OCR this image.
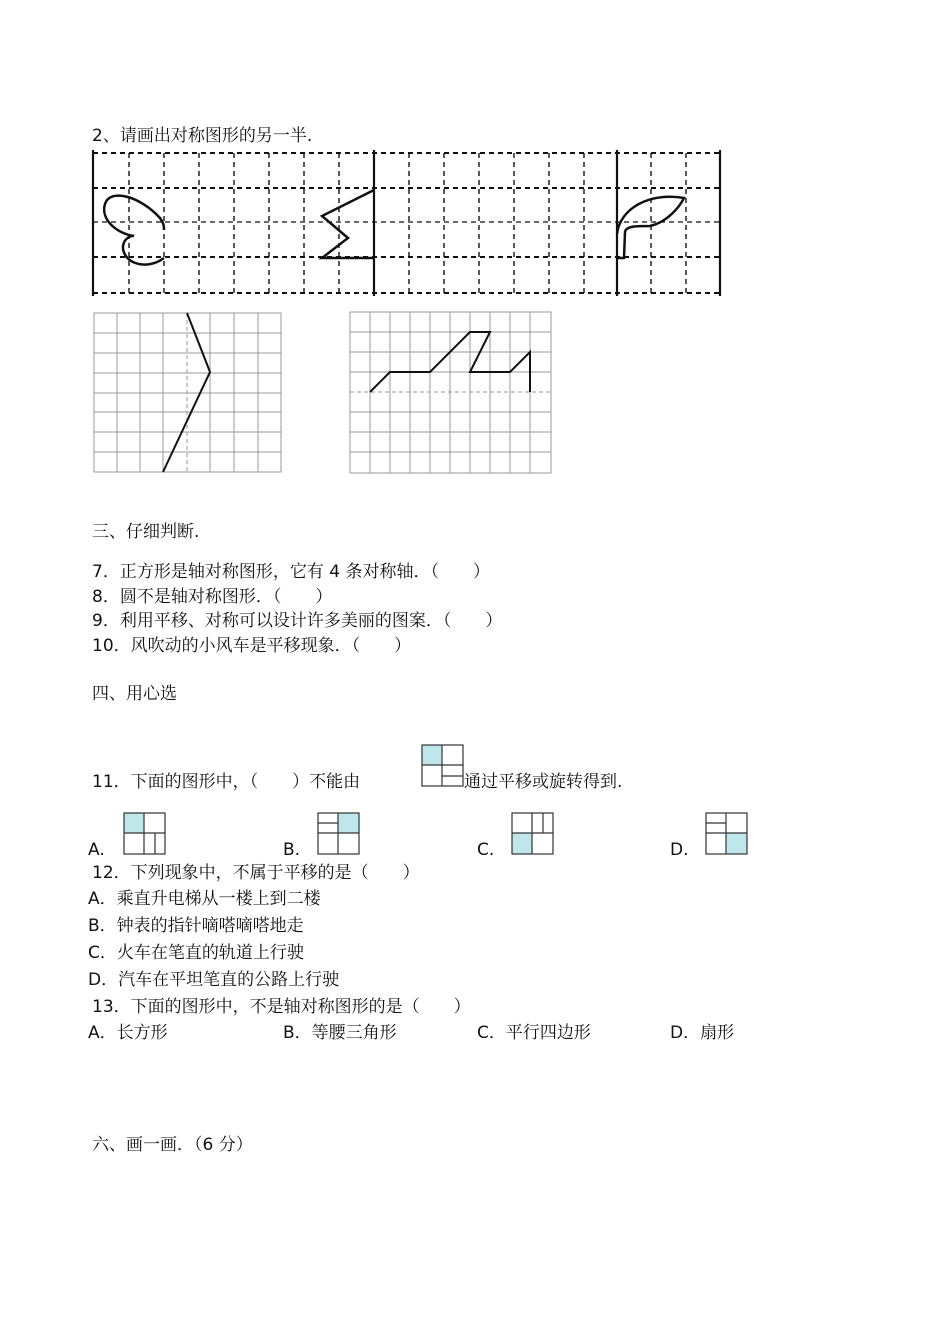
2、请画出对称图形的另一半.
三、仔细判断.
7．正方形是轴对称图形，它有 4 条对称轴．（　　）
8．圆不是轴对称图形．（　　）
9．利用平移、对称可以设计许多美丽的图案．（　　）
10．风吹动的小风车是平移现象．（　　）
四、用心选
11．下面的图形中，（　　）不能由	通过平移或旋转得到.
A.	B.	C.	D.
12．下列现象中，不属于平移的是（　　）
A．乘直升电梯从一楼上到二楼
B．钟表的指针嘀嗒嘀嗒地走
C．火车在笔直的轨道上行驶
D．汽车在平坦笔直的公路上行驶
13．下面的图形中，不是轴对称图形的是（　　）
A．长方形	B．等腰三角形	C．平行四边形	D．扇形
六、画一画．（6 分）
